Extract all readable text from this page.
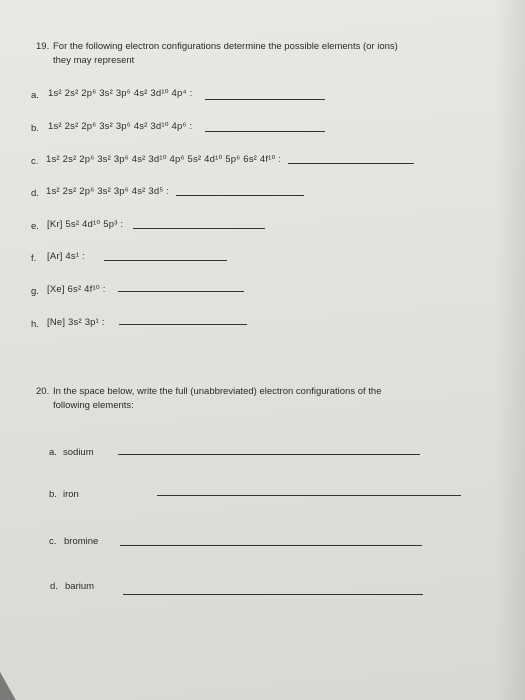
19. For the following electron configurations determine the possible elements (or ions)
they may represent
a. 1s² 2s² 2p⁶ 3s² 3p⁶ 4s² 3d¹⁰ 4p⁴ :
b. 1s² 2s² 2p⁶ 3s² 3p⁶ 4s² 3d¹⁰ 4p⁶ :
c. 1s² 2s² 2p⁶ 3s² 3p⁶ 4s² 3d¹⁰ 4p⁶ 5s² 4d¹⁰ 5p⁶ 6s² 4f¹⁰ :
d. 1s² 2s² 2p⁶ 3s² 3p⁶ 4s² 3d⁵ :
e. [Kr] 5s² 4d¹⁰ 5p³ :
f. [Ar] 4s¹ :
g. [Xe] 6s² 4f¹⁰ :
h. [Ne] 3s² 3p¹ :
20. In the space below, write the full (unabbreviated) electron configurations of the
following elements:
a. sodium
b. iron
c. bromine
d. barium
